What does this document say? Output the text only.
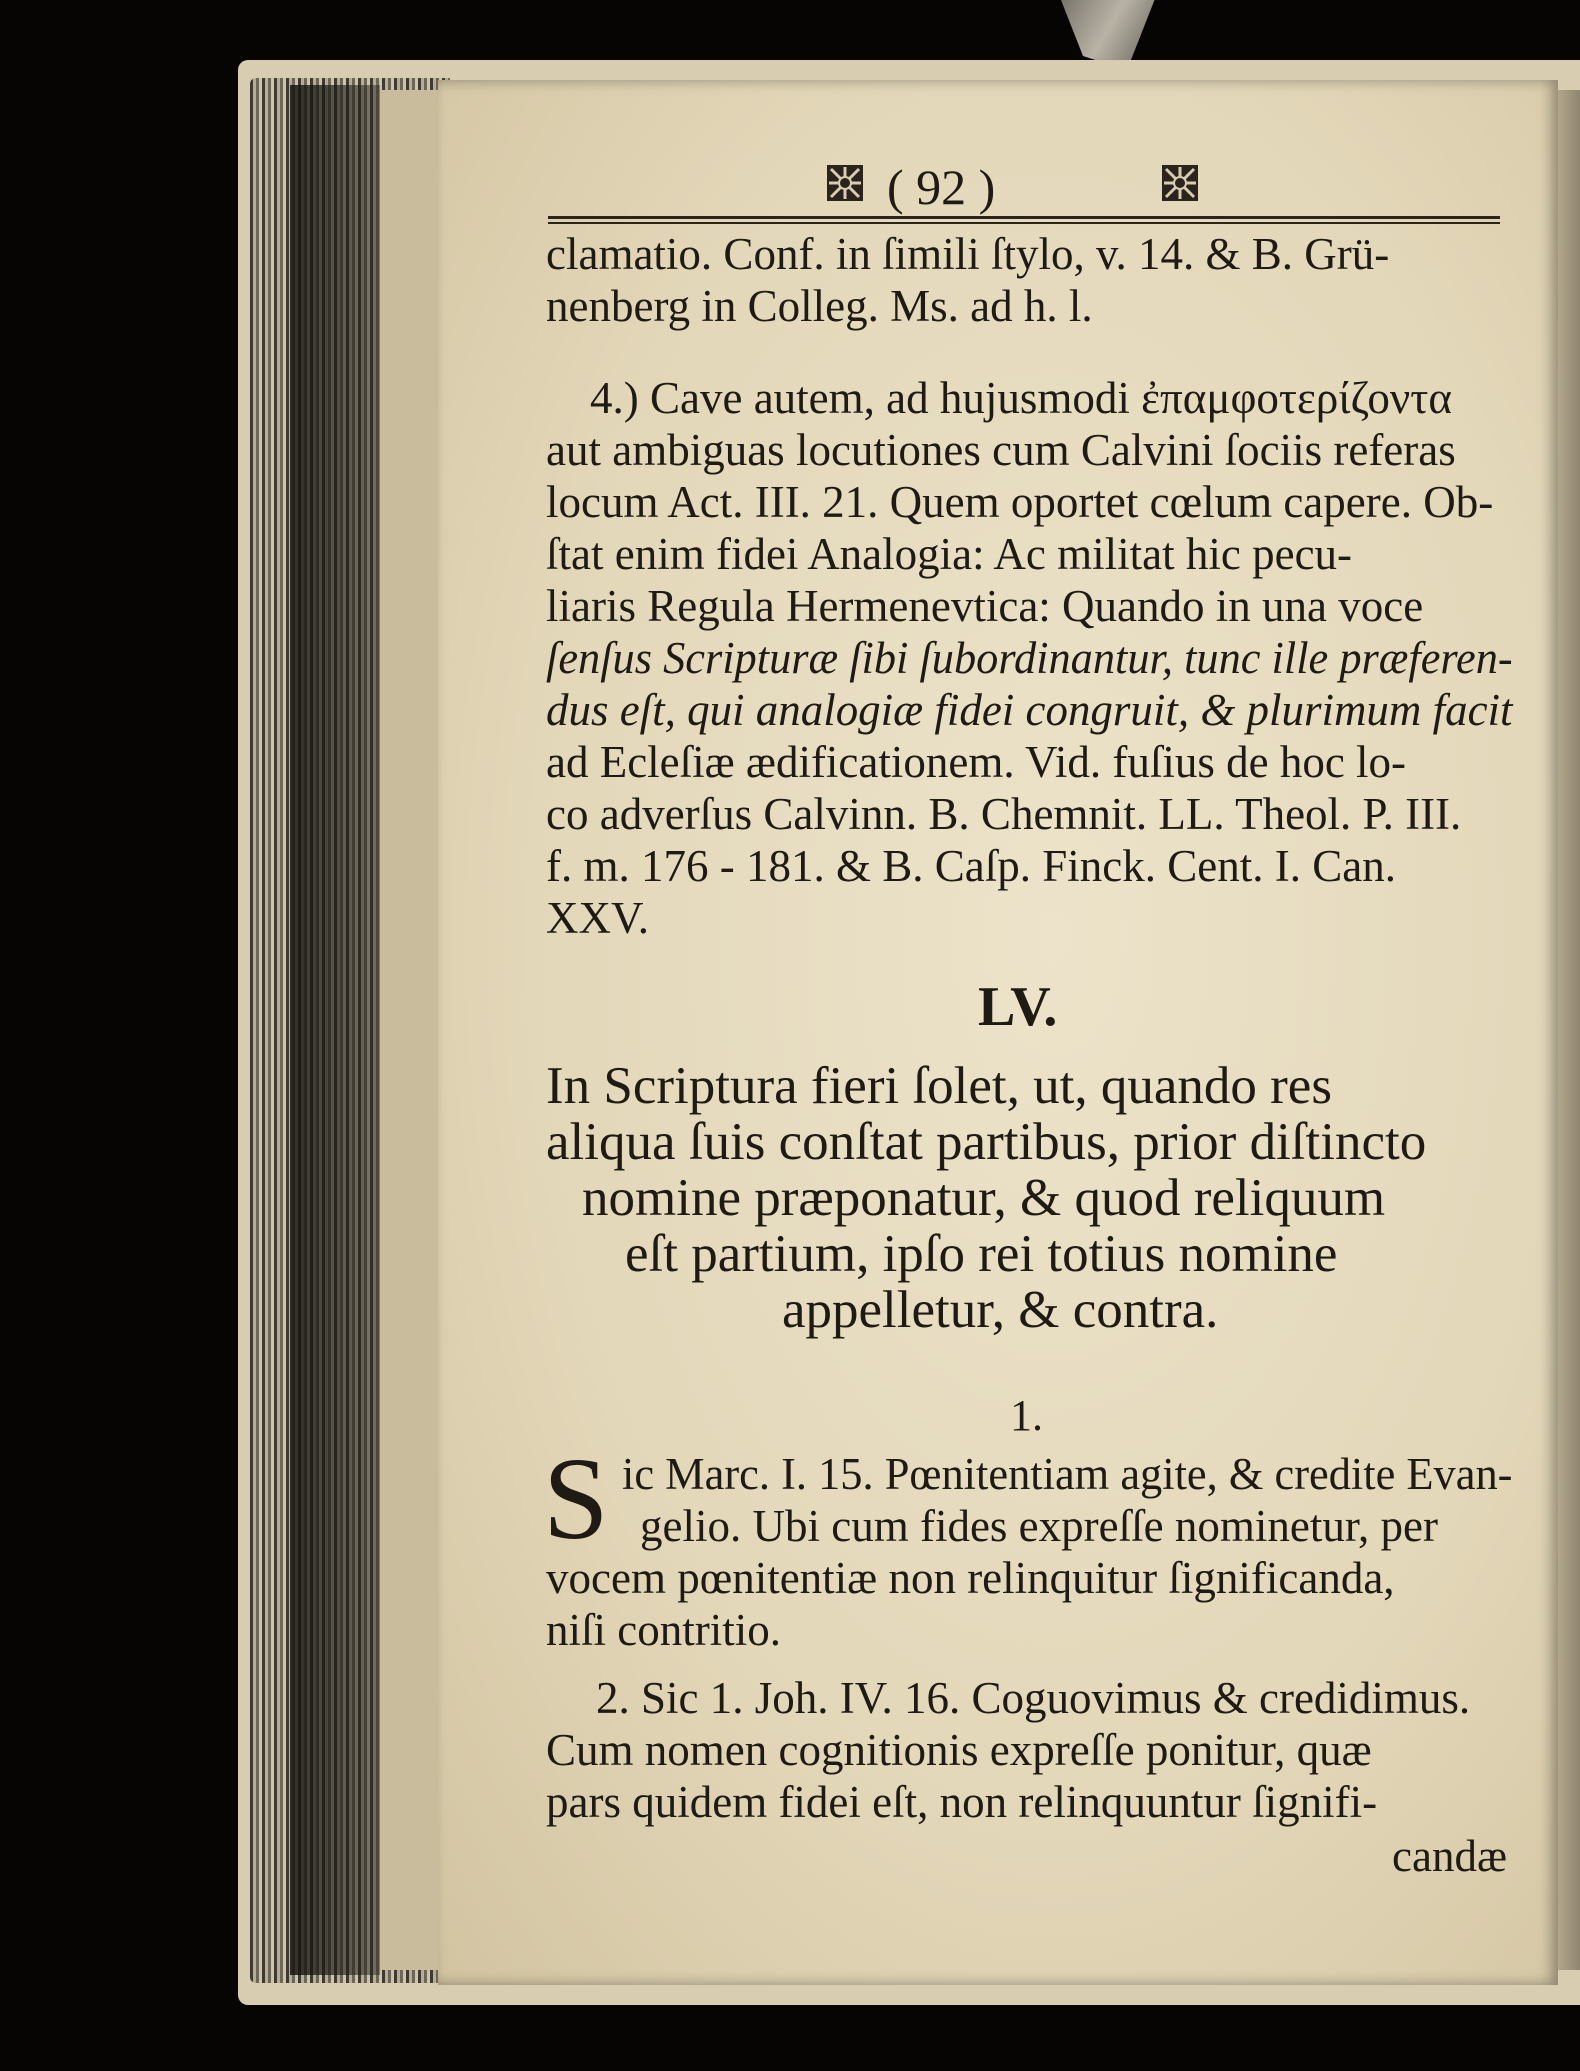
( 92 )
clamatio. Conf. in ſimili ſtylo, v. 14. & B. Grü-
nenberg in Colleg. Ms. ad h. l.
4.) Cave autem, ad hujusmodi ἐπαμφοτερίζοντα
aut ambiguas locutiones cum Calvini ſociis referas
locum Act. III. 21. Quem oportet cœlum capere. Ob-
ſtat enim fidei Analogia: Ac militat hic pecu-
liaris Regula Hermenevtica: Quando in una voce
ſenſus Scripturæ ſibi ſubordinantur, tunc ille præferen-
dus eſt, qui analogiæ fidei congruit, & plurimum facit
ad Ecleſiæ ædificationem. Vid. fuſius de hoc lo-
co adverſus Calvinn. B. Chemnit. LL. Theol. P. III.
f. m. 176 - 181. & B. Caſp. Finck. Cent. I. Can.
XXV.
LV.
In Scriptura fieri ſolet, ut, quando res
aliqua ſuis conſtat partibus, prior diſtincto
nomine præponatur, & quod reliquum
eſt partium, ipſo rei totius nomine
appelletur, & contra.
1.
S ic Marc. I. 15. Pœnitentiam agite, & credite Evan-
gelio. Ubi cum fides expreſſe nominetur, per
vocem pœnitentiæ non relinquitur ſignificanda,
niſi contritio.
2. Sic 1. Joh. IV. 16. Coguovimus & credidimus.
Cum nomen cognitionis expreſſe ponitur, quæ
pars quidem fidei eſt, non relinquuntur ſignifi-
candæ
